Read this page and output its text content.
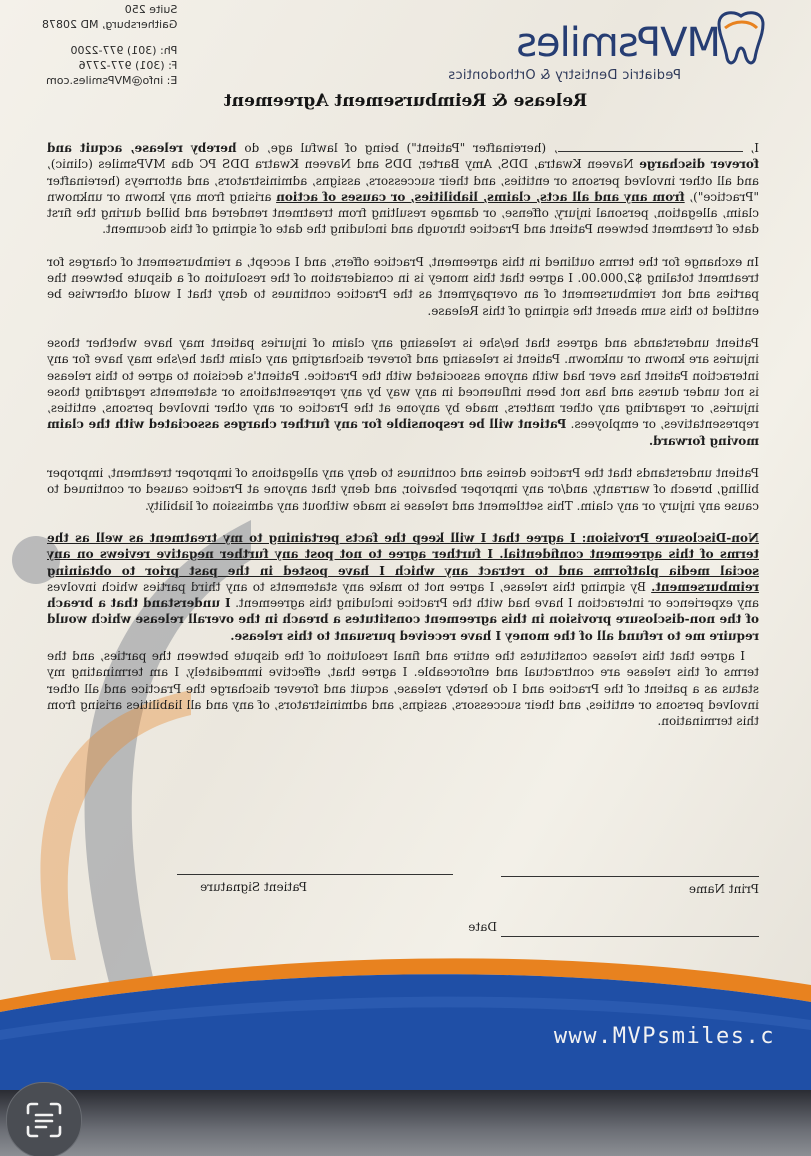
Suite 250
Gaithersburg, MD 20878
Ph: (301) 977-2200
F: (301) 977-2776
E: info@MVPsmiles.com
MVPsmiles
Pediatric Dentistry & Orthodontics
Release & Reimbursement Agreement

I, , (hereinafter "Patient") being of lawful age, do hereby release, acquit and forever discharge Naveen Kwatra, DDS, Amy Barter, DDS and Naveen Kwatra DDS PC dba MVPsmiles (clinic), and all other involved persons or entities, and their successors, assigns, administrators, and attorneys (hereinafter "Practice"), from any and all acts, claims, liabilities, or causes of action arising from any known or unknown claim, allegation, personal injury, offense, or damage resulting from treatment rendered and billed during the first date of treatment between Patient and Practice through and including the date of signing of this document.

In exchange for the terms outlined in this agreement, Practice offers, and I accept, a reimbursement of charges for treatment totaling $2,000.00. I agree that this money is in consideration of the resolution of a dispute between the parties and not reimbursement of an overpayment as the Practice continues to deny that I would otherwise be entitled to this sum absent the signing of this Release.

Patient understands and agrees that he/she is releasing any claim of injuries patient may have whether those injuries are known or unknown. Patient is releasing and forever discharging any claim that he/she may have for any interaction Patient has ever had with anyone associated with the Practice. Patient's decision to agree to this release is not under duress and has not been influenced in any way by any representations or statements regarding those injuries, or regarding any other matters, made by anyone at the Practice or any other involved persons, entities, representatives, or employees. Patient will be responsible for any further charges associated with the claim moving forward.

Patient understands that the Practice denies and continues to deny any allegations of improper treatment, improper billing, breach of warranty, and/or any improper behavior, and deny that anyone at Practice caused or continued to cause any injury or any claim. This settlement and release is made without any admission of liability.

Non-Disclosure Provision: I agree that I will keep the facts pertaining to my treatment as well as the terms of this agreement confidential. I further agree to not post any further negative reviews on any social media platforms and to retract any which I have posted in the past prior to obtaining reimbursement. By signing this release, I agree not to make any statements to any third parties which involves any experience or interaction I have had with the Practice including this agreement. I understand that a breach of the non-disclosure provision in this agreement constitutes a breach in the overall release which would require me to refund all of the money I have received pursuant to this release.

I agree that this release constitutes the entire and final resolution of the dispute between the parties, and the terms of this release are contractual and enforceable. I agree that, effective immediately, I am terminating my status as a patient of the Practice and I do hereby release, acquit and forever discharge the Practice and all other involved persons or entities, and their successors, assigns, and administrators, of any and all liabilities arising from this termination.

Print Name
Patient Signature
Date
www.MVPsmiles.c
